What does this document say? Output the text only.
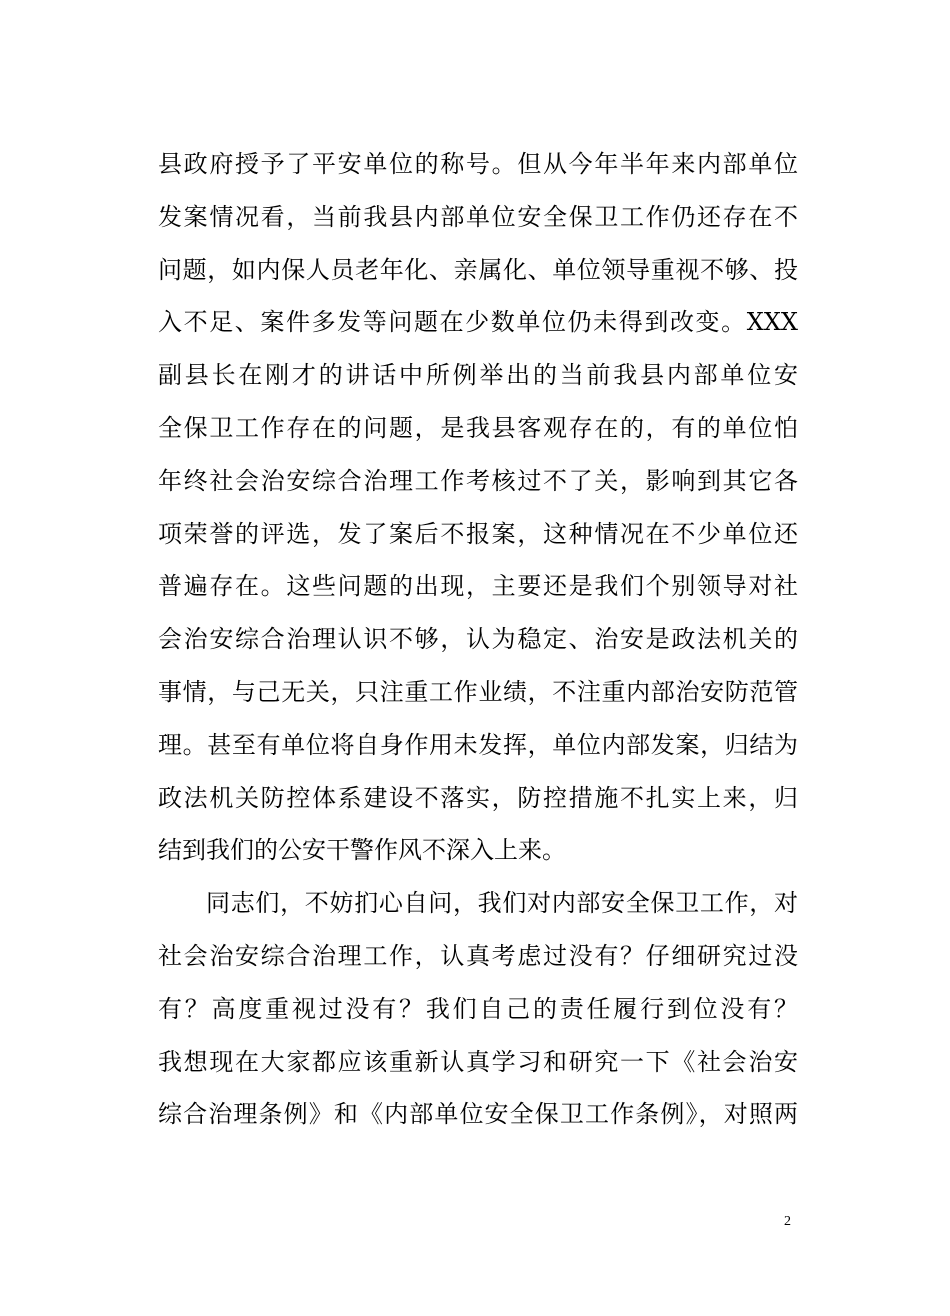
县政府授予了平安单位的称号。但从今年半年来内部单位
发案情况看，当前我县内部单位安全保卫工作仍还存在不
问题，如内保人员老年化、亲属化、单位领导重视不够、投
入不足、案件多发等问题在少数单位仍未得到改变。XXX
副县长在刚才的讲话中所例举出的当前我县内部单位安
全保卫工作存在的问题，是我县客观存在的，有的单位怕
年终社会治安综合治理工作考核过不了关，影响到其它各
项荣誉的评选，发了案后不报案，这种情况在不少单位还
普遍存在。这些问题的出现，主要还是我们个别领导对社
会治安综合治理认识不够，认为稳定、治安是政法机关的
事情，与己无关，只注重工作业绩，不注重内部治安防范管
理。甚至有单位将自身作用未发挥，单位内部发案，归结为
政法机关防控体系建设不落实，防控措施不扎实上来，归
结到我们的公安干警作风不深入上来。
同志们，不妨扪心自问，我们对内部安全保卫工作，对
社会治安综合治理工作，认真考虑过没有？仔细研究过没
有？高度重视过没有？我们自己的责任履行到位没有？
我想现在大家都应该重新认真学习和研究一下《社会治安
综合治理条例》和《内部单位安全保卫工作条例》，对照两
2
